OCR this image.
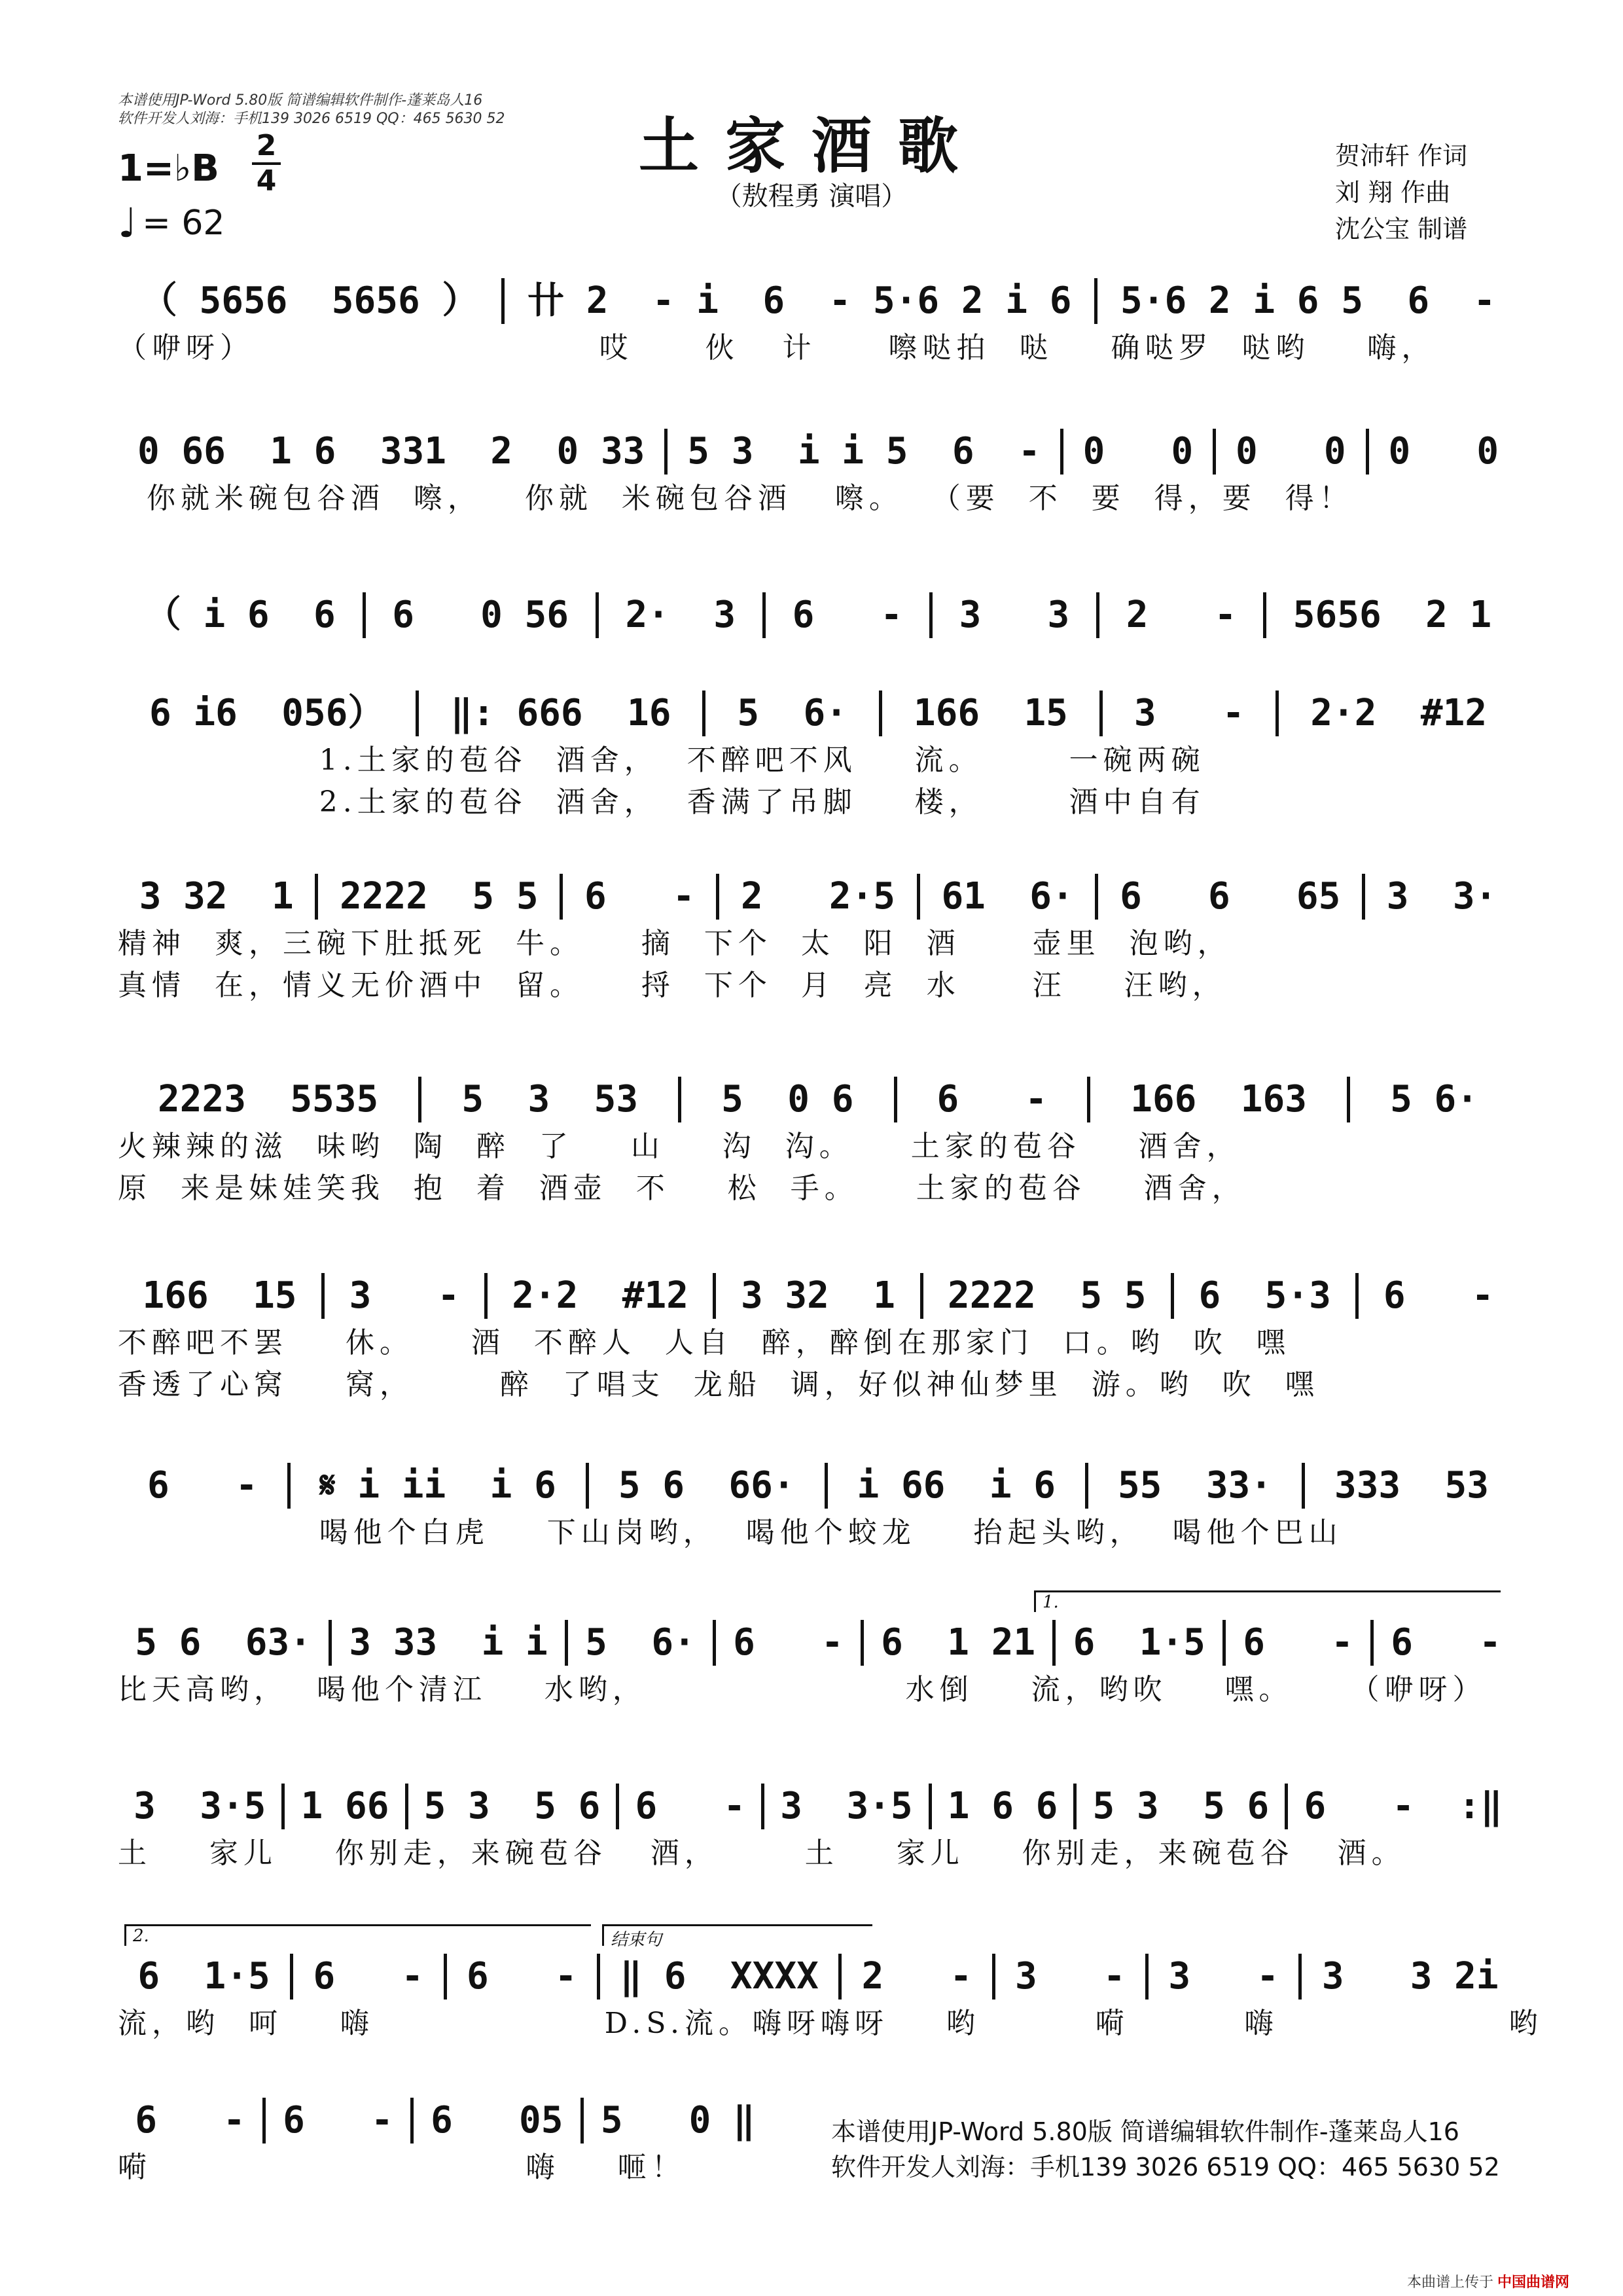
本谱使用JP-Word 5.80版 简谱编辑软件制作-蓬莱岛人16
软件开发人刘海：手机139 3026 6519 QQ：465 5630 52	土家酒歌
（敖程勇 演唱）
1=♭B
2
4
♩ = 62
贺沛轩 作词
刘 翔 作曲
沈公宝 制谱
（ 5656  5656 ）	卄 2  - i  6  - 5·6 2 i 6	5·6 2 i 6 5  6  -
（咿呀）                        哎     伙   计     嚓哒拍  哒    确哒罗  哒哟    嗨，
0 66  1 6  331  2  0 33	5 3  i i 5  6  -	0   0	0   0	0   0
你就米碗包谷酒  嚓，   你就  米碗包谷酒   嚓。  （要  不  要  得，要  得！
（ i 6  6	6   0 56	2·  3	6   -	3   3	2   -	5656  2 1
6 i6  056）	‖: 666  16	5  6·	166  15	3   -	2·2  #12
1.土家的苞谷  酒舍，  不醉吧不风    流。      一碗两碗
2.土家的苞谷  酒舍，  香满了吊脚    楼，      酒中自有
3 32  1	2222  5 5	6   -	2   2·5	61  6·	6   6   65	3  3·
精神  爽，三碗下肚抵死  牛。    摘  下个  太  阳  酒     壶里  泡哟，
真情  在，情义无价酒中  留。    捋  下个  月  亮  水     汪    汪哟，
2223  5535	5  3  53	5  0 6	6   -	166  163	5 6·
火辣辣的滋  味哟  陶  醉  了    山    沟  沟。    土家的苞谷    酒舍，
原  来是妹娃笑我  抱  着  酒壶  不    松  手。    土家的苞谷    酒舍，
166  15	3   -	2·2  #12	3 32  1	2222  5 5	6  5·3	6   -
不醉吧不罢    休。    酒  不醉人  人自  醉，醉倒在那家门  口。哟  吹  嘿
香透了心窝    窝，      醉  了唱支  龙船  调，好似神仙梦里  游。哟  吹  嘿
6   -	𝄋 i ii  i 6	5 6  66·	i 66  i 6	55  33·	333  53
喝他个白虎    下山岗哟，  喝他个蛟龙    抬起头哟，  喝他个巴山
5 6  63·	3 33  i i	5  6·	6   -	6  1 21	6  1·5	6   -	6   -
比天高哟，  喝他个清江    水哟，                  水倒    流，哟吹    嘿。    （咿呀）
1.
3  3·5 1 66 5 3  5 6 6   - 3  3·5 1 6 6 5 3  5 6 6   -  :‖
土    家儿    你别走，来碗苞谷   酒，      土    家儿    你别走，来碗苞谷   酒。
6  1·5	6   -	6   -	‖ 6  XXXX	2   -	3   -	3   -	3   3 2i
流，哟  呵    嗨                D.S.流。嗨呀嗨呀    哟        嗬        嗨                哟
2.	结束句
6   -	6   -	6   05	5   0 ‖
嗬                          嗨    咂！
本谱使用JP-Word 5.80版 简谱编辑软件制作-蓬莱岛人16
软件开发人刘海：手机139 3026 6519 QQ：465 5630 52
本曲谱上传于 中国曲谱网
